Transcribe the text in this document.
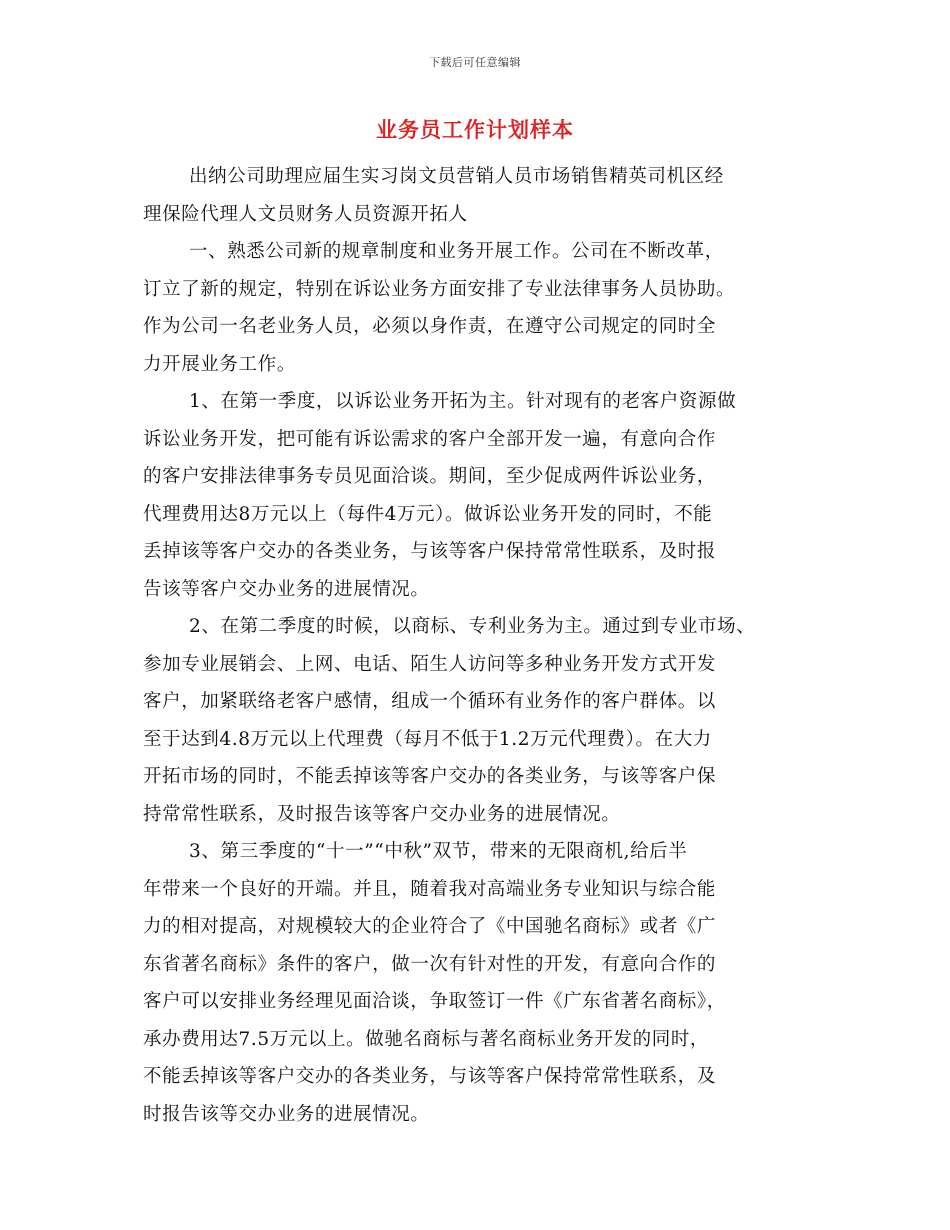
下载后可任意编辑
业务员工作计划样本
出纳公司助理应届生实习岗文员营销人员市场销售精英司机区经
理保险代理人文员财务人员资源开拓人
一、熟悉公司新的规章制度和业务开展工作。公司在不断改革，
订立了新的规定，特别在诉讼业务方面安排了专业法律事务人员协助。
作为公司一名老业务人员，必须以身作责，在遵守公司规定的同时全
力开展业务工作。
1、在第一季度，以诉讼业务开拓为主。针对现有的老客户资源做
诉讼业务开发，把可能有诉讼需求的客户全部开发一遍，有意向合作
的客户安排法律事务专员见面洽谈。期间，至少促成两件诉讼业务，
代理费用达8万元以上（每件4万元）。做诉讼业务开发的同时，不能
丢掉该等客户交办的各类业务，与该等客户保持常常性联系，及时报
告该等客户交办业务的进展情况。
2、在第二季度的时候，以商标、专利业务为主。通过到专业市场、
参加专业展销会、上网、电话、陌生人访问等多种业务开发方式开发
客户，加紧联络老客户感情，组成一个循环有业务作的客户群体。以
至于达到4.8万元以上代理费（每月不低于1.2万元代理费）。在大力
开拓市场的同时，不能丢掉该等客户交办的各类业务，与该等客户保
持常常性联系，及时报告该等客户交办业务的进展情况。
3、第三季度的“十一”“中秋”双节，带来的无限商机,给后半
年带来一个良好的开端。并且，随着我对高端业务专业知识与综合能
力的相对提高，对规模较大的企业符合了《中国驰名商标》或者《广
东省著名商标》条件的客户，做一次有针对性的开发，有意向合作的
客户可以安排业务经理见面洽谈，争取签订一件《广东省著名商标》，
承办费用达7.5万元以上。做驰名商标与著名商标业务开发的同时，
不能丢掉该等客户交办的各类业务，与该等客户保持常常性联系，及
时报告该等交办业务的进展情况。
